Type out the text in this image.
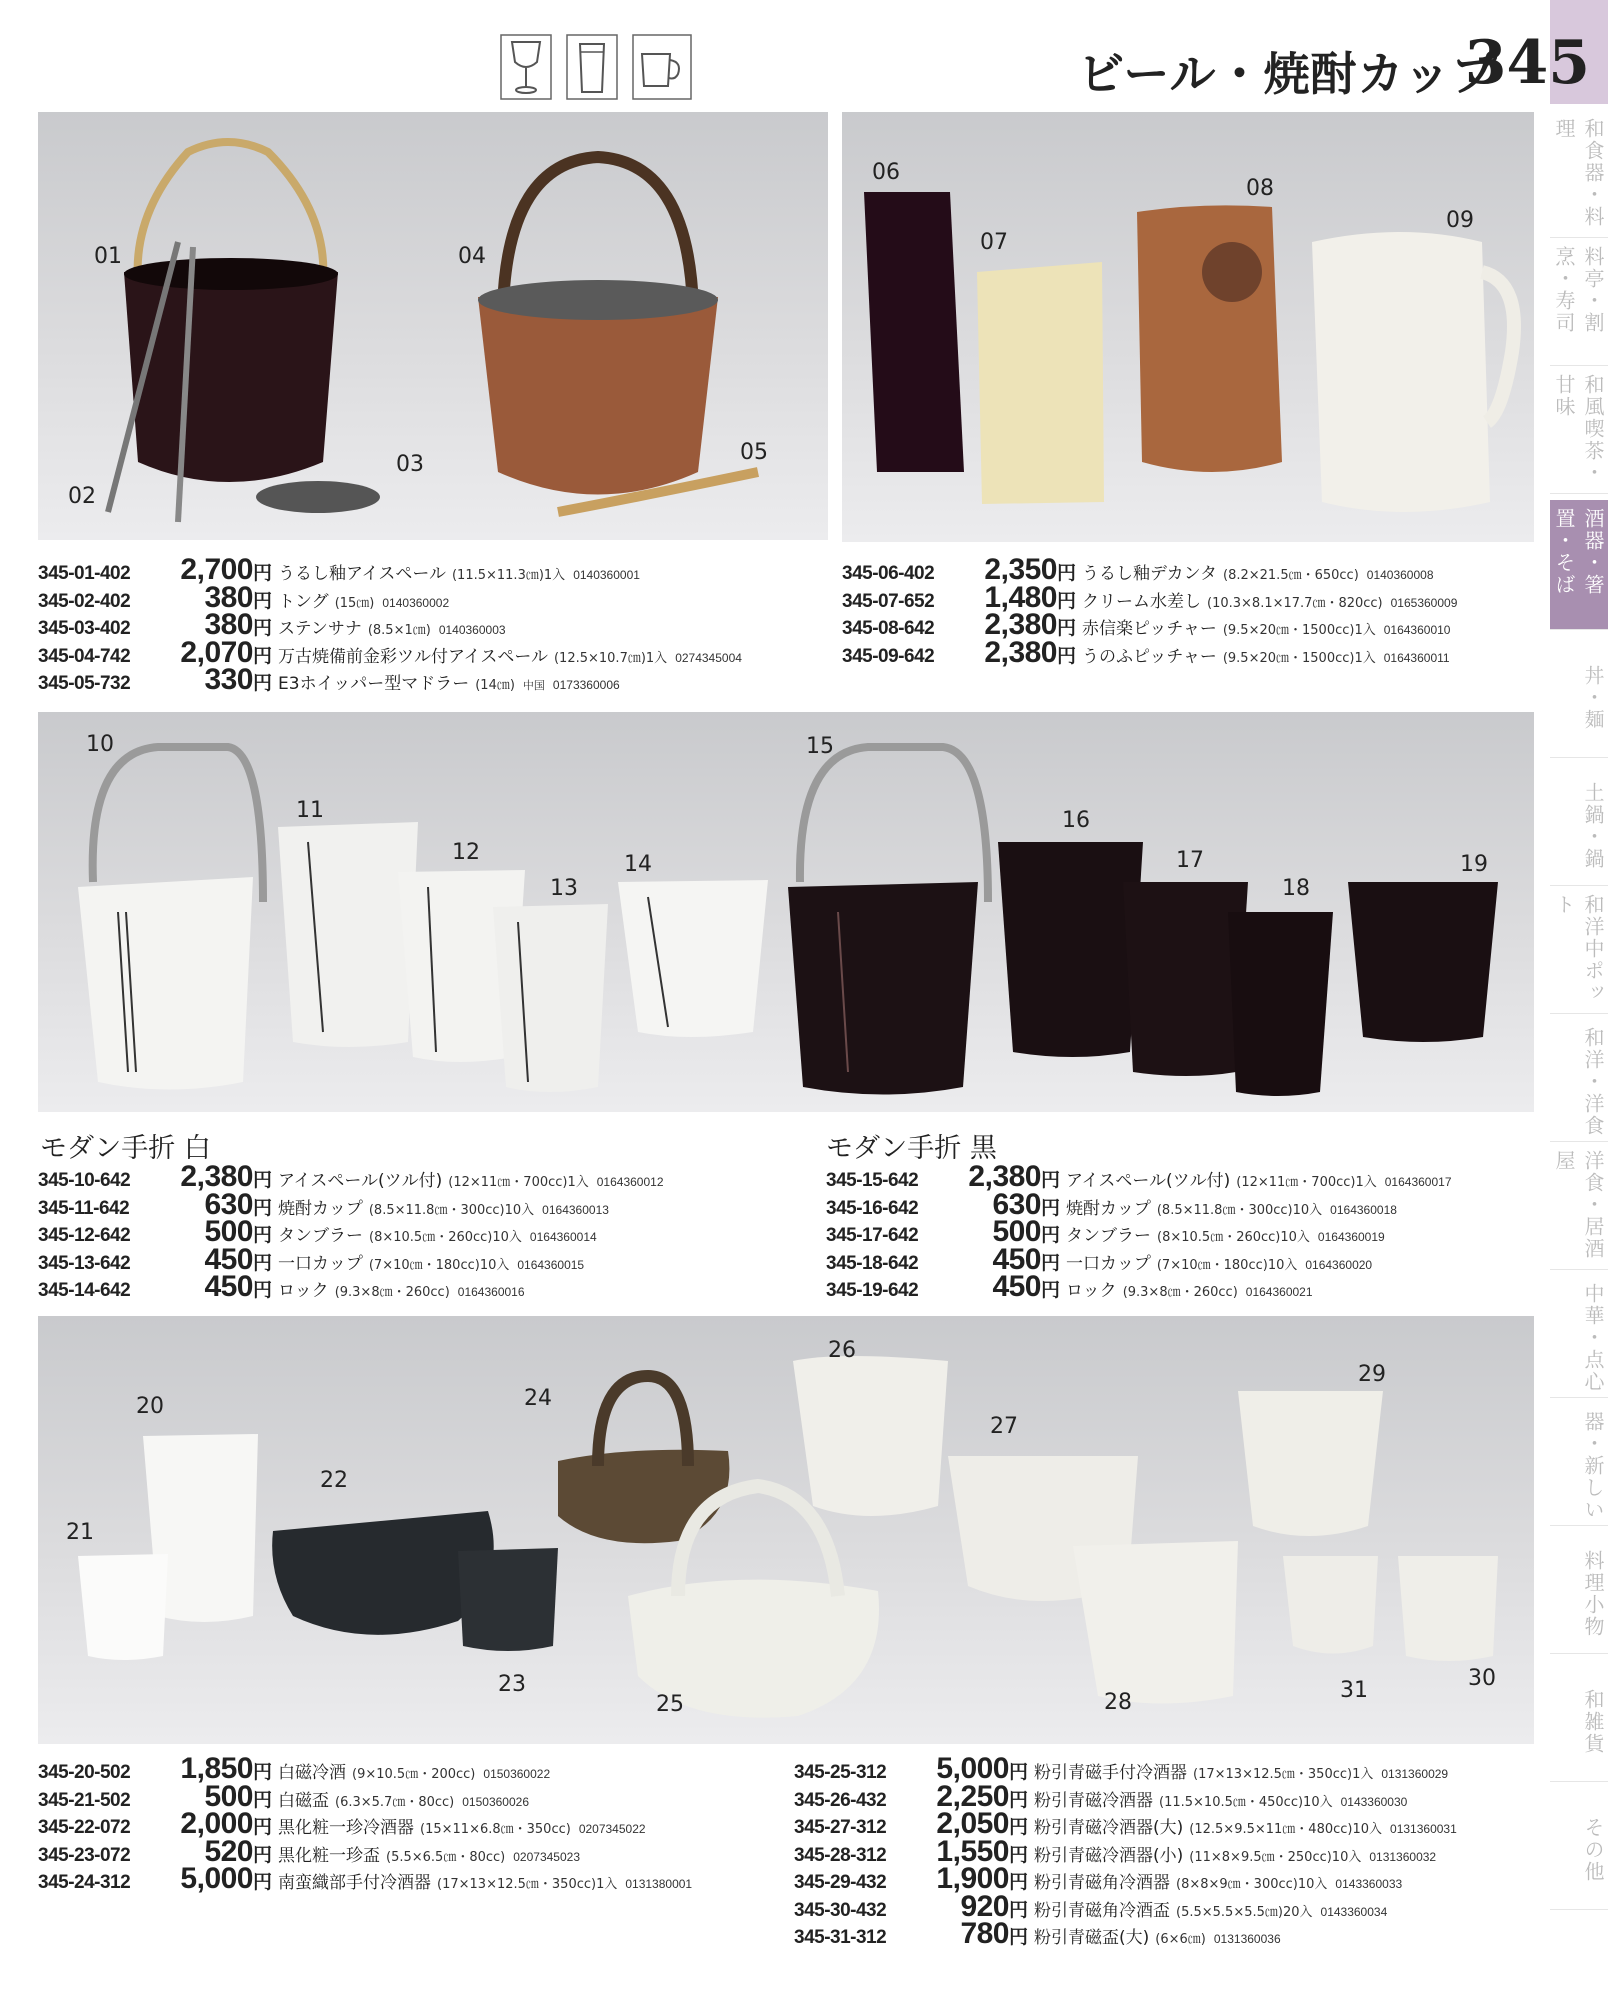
ビール・焼酎カップ
345
和食器・料理
料亭・割烹・寿司
和風喫茶・甘味
酒器・箸置・そば
丼・麺
土鍋・鍋
和洋中ポット
和洋・洋食
洋食・居酒屋
中華・点心
器・新しい
料理小物
和雑貨
その他
01	04
02
03	05
06
07
08
09
345-01-402	2,700 円 うるし釉アイスペール (11.5×11.3㎝)1入 0140360001
345-02-402	380 円 トング (15㎝) 0140360002
345-03-402	380 円 ステンサナ (8.5×1㎝) 0140360003
345-04-742	2,070 円 万古焼備前金彩ツル付アイスペール (12.5×10.7㎝)1入 0274345004
345-05-732	330 円 E3ホイッパー型マドラー (14㎝) 中国 0173360006
345-06-402	2,350 円 うるし釉デカンタ (8.2×21.5㎝・650cc) 0140360008
345-07-652	1,480 円 クリーム水差し (10.3×8.1×17.7㎝・820cc) 0165360009
345-08-642	2,380 円 赤信楽ピッチャー (9.5×20㎝・1500cc)1入 0164360010
345-09-642	2,380 円 うのふピッチャー (9.5×20㎝・1500cc)1入 0164360011
10
11
12
13
14
15
16
17
18
19
モダン手折 白	モダン手折 黒
345-10-642	2,380 円 アイスペール(ツル付) (12×11㎝・700cc)1入 0164360012
345-11-642	630 円 焼酎カップ (8.5×11.8㎝・300cc)10入 0164360013
345-12-642	500 円 タンブラー (8×10.5㎝・260cc)10入 0164360014
345-13-642	450 円 一口カップ (7×10㎝・180cc)10入 0164360015
345-14-642	450 円 ロック (9.3×8㎝・260cc) 0164360016
345-15-642	2,380 円 アイスペール(ツル付) (12×11㎝・700cc)1入 0164360017
345-16-642	630 円 焼酎カップ (8.5×11.8㎝・300cc)10入 0164360018
345-17-642	500 円 タンブラー (8×10.5㎝・260cc)10入 0164360019
345-18-642	450 円 一口カップ (7×10㎝・180cc)10入 0164360020
345-19-642	450 円 ロック (9.3×8㎝・260cc) 0164360021
20
21
22
23
24
25
26
27
28
29
30
31
345-20-502	1,850 円 白磁冷酒 (9×10.5㎝・200cc) 0150360022
345-21-502	500 円 白磁盃 (6.3×5.7㎝・80cc) 0150360026
345-22-072	2,000 円 黒化粧一珍冷酒器 (15×11×6.8㎝・350cc) 0207345022
345-23-072	520 円 黒化粧一珍盃 (5.5×6.5㎝・80cc) 0207345023
345-24-312	5,000 円 南蛮織部手付冷酒器 (17×13×12.5㎝・350cc)1入 0131380001
345-25-312	5,000 円 粉引青磁手付冷酒器 (17×13×12.5㎝・350cc)1入 0131360029
345-26-432	2,250 円 粉引青磁冷酒器 (11.5×10.5㎝・450cc)10入 0143360030
345-27-312	2,050 円 粉引青磁冷酒器(大) (12.5×9.5×11㎝・480cc)10入 0131360031
345-28-312	1,550 円 粉引青磁冷酒器(小) (11×8×9.5㎝・250cc)10入 0131360032
345-29-432	1,900 円 粉引青磁角冷酒器 (8×8×9㎝・300cc)10入 0143360033
345-30-432	920 円 粉引青磁角冷酒盃 (5.5×5.5×5.5㎝)20入 0143360034
345-31-312	780 円 粉引青磁盃(大) (6×6㎝) 0131360036
